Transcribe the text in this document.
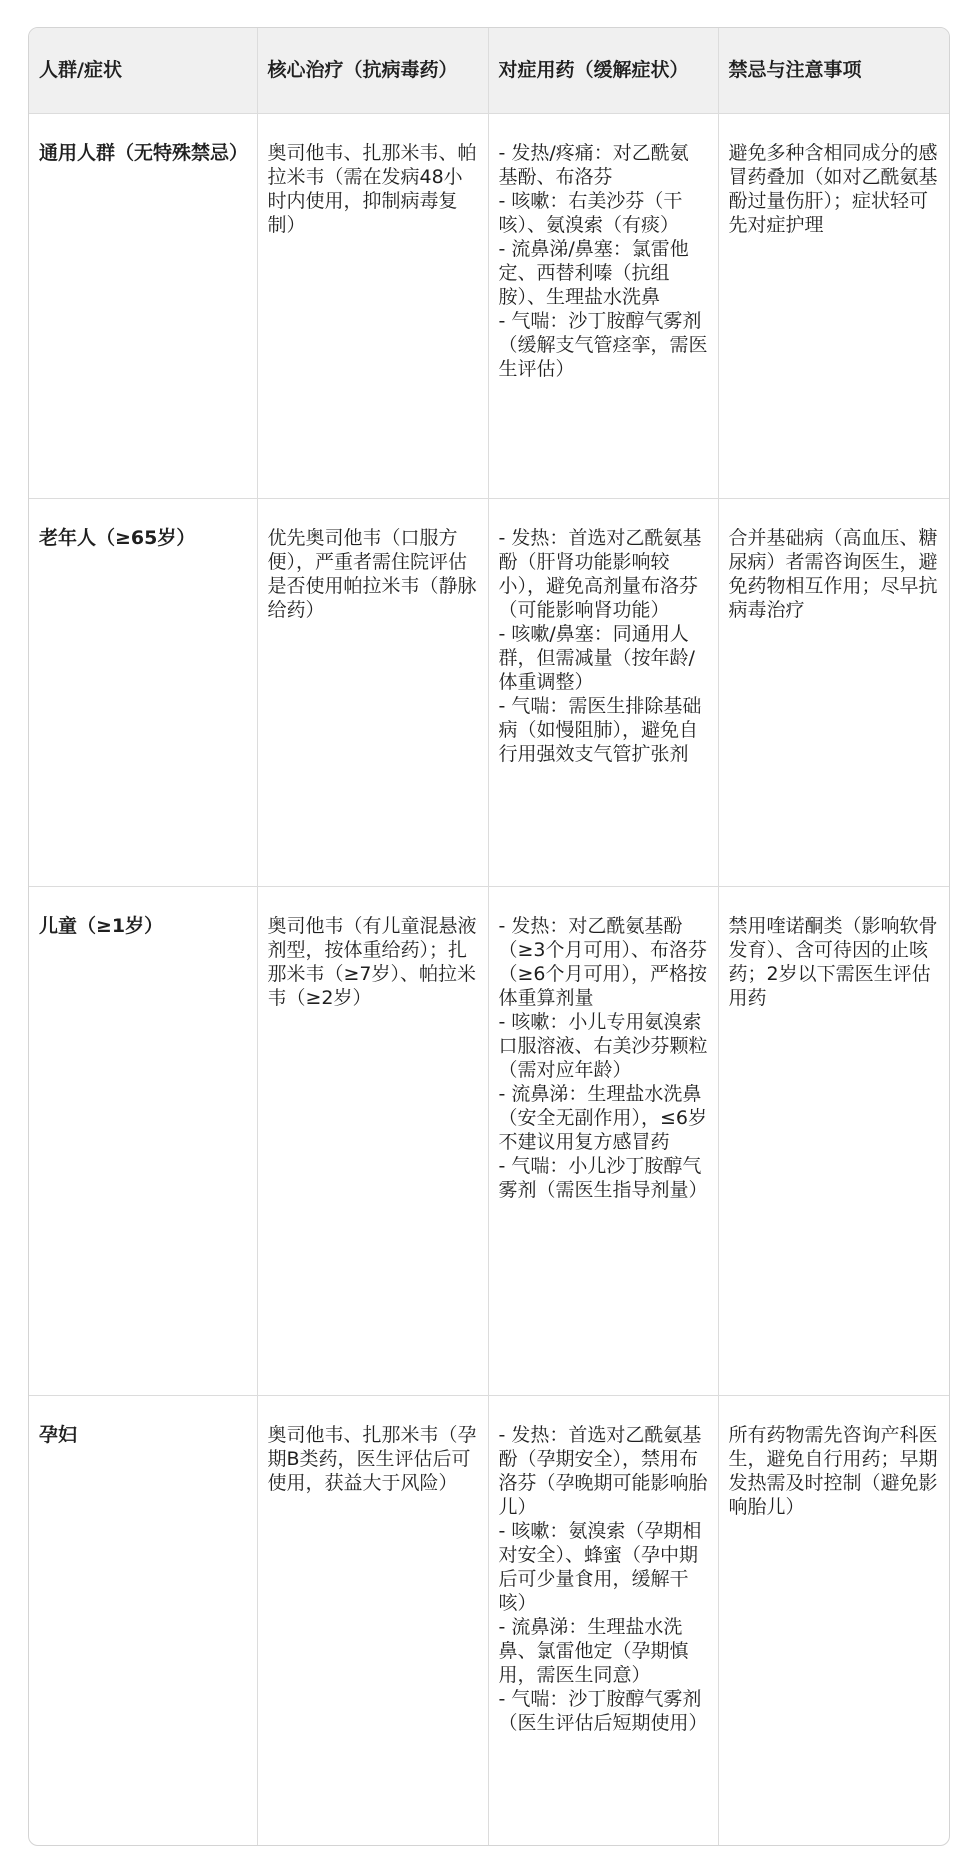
人群/症状	核心治疗（抗病毒药）	对症用药（缓解症状）	禁忌与注意事项
通用人群（无特殊禁忌）	奥司他韦、扎那米韦、帕拉米韦（需在发病48小时内使用，抑制病毒复制）	- 发热/疼痛：对乙酰氨基酚、布洛芬
- 咳嗽：右美沙芬（干咳）、氨溴索（有痰）
- 流鼻涕/鼻塞：氯雷他定、西替利嗪（抗组胺）、生理盐水洗鼻
- 气喘：沙丁胺醇气雾剂（缓解支气管痉挛，需医生评估）	避免多种含相同成分的感冒药叠加（如对乙酰氨基酚过量伤肝）；症状轻可先对症护理
老年人（≥65岁）	优先奥司他韦（口服方便），严重者需住院评估是否使用帕拉米韦（静脉给药）	- 发热：首选对乙酰氨基酚（肝肾功能影响较小），避免高剂量布洛芬（可能影响肾功能）
- 咳嗽/鼻塞：同通用人群，但需减量（按年龄/体重调整）
- 气喘：需医生排除基础病（如慢阻肺），避免自行用强效支气管扩张剂	合并基础病（高血压、糖尿病）者需咨询医生，避免药物相互作用；尽早抗病毒治疗
儿童（≥1岁）	奥司他韦（有儿童混悬液剂型，按体重给药）；扎那米韦（≥7岁）、帕拉米韦（≥2岁）	- 发热：对乙酰氨基酚（≥3个月可用）、布洛芬（≥6个月可用），严格按体重算剂量
- 咳嗽：小儿专用氨溴索口服溶液、右美沙芬颗粒（需对应年龄）
- 流鼻涕：生理盐水洗鼻（安全无副作用），≤6岁不建议用复方感冒药
- 气喘：小儿沙丁胺醇气雾剂（需医生指导剂量）	禁用喹诺酮类（影响软骨发育）、含可待因的止咳药；2岁以下需医生评估用药
孕妇	奥司他韦、扎那米韦（孕期B类药，医生评估后可使用，获益大于风险）	- 发热：首选对乙酰氨基酚（孕期安全），禁用布洛芬（孕晚期可能影响胎儿）
- 咳嗽：氨溴索（孕期相对安全）、蜂蜜（孕中期后可少量食用，缓解干咳）
- 流鼻涕：生理盐水洗鼻、氯雷他定（孕期慎用，需医生同意）
- 气喘：沙丁胺醇气雾剂（医生评估后短期使用）	所有药物需先咨询产科医生，避免自行用药；早期发热需及时控制（避免影响胎儿）
